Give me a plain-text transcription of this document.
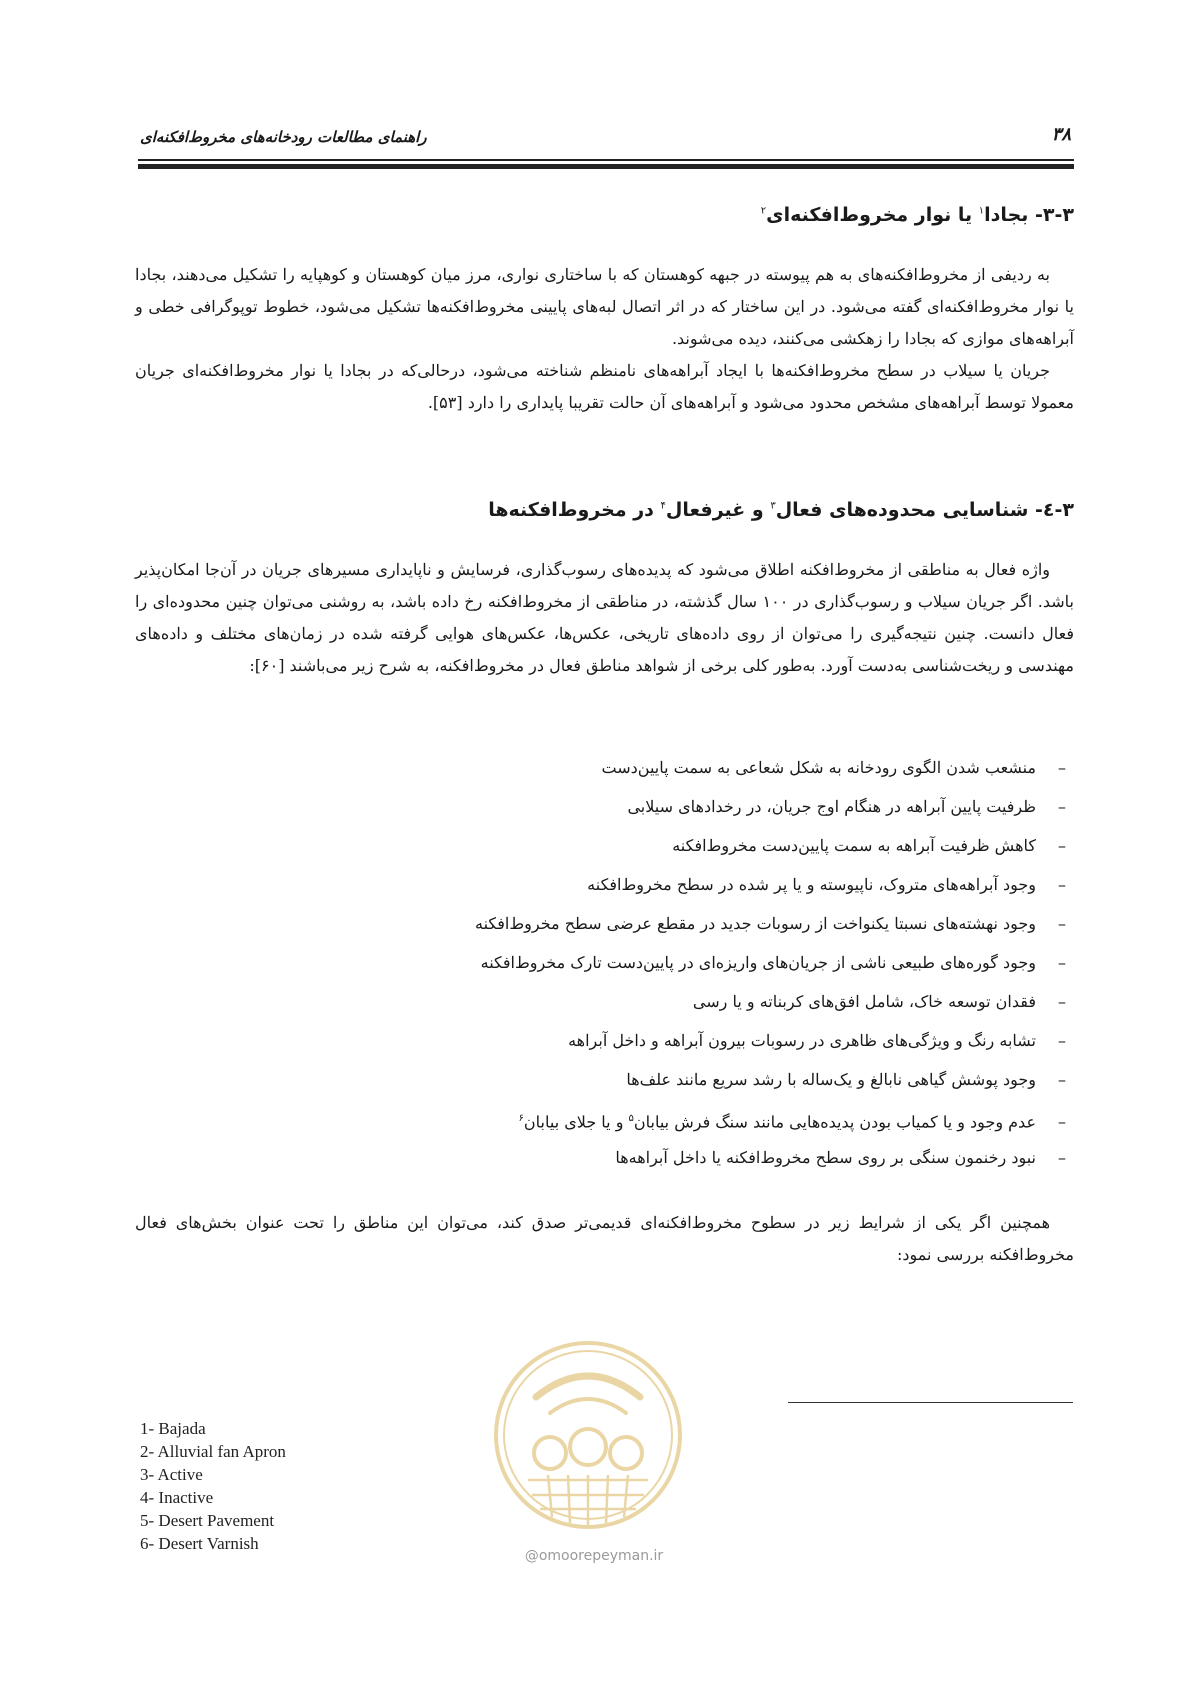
راهنمای مطالعات رودخانه‌های مخروط‌افکنه‌ای	۳۸
۳-۳- بجادا$^۱$ یا نوار مخروط‌افکنه‌ای$^۲$

به ردیفی از مخروط‌افکنه‌های به هم پیوسته در جبهه کوهستان که با ساختاری نواری، مرز میان کوهستان و کوهپایه را تشکیل می‌دهند، بجادا یا نوار مخروط‌افکنه‌ای گفته می‌شود. در این ساختار که در اثر اتصال لبه‌های پایینی مخروط‌افکنه‌ها تشکیل می‌شود، خطوط توپوگرافی خطی و آبراهه‌های موازی که بجادا را زهکشی می‌کنند، دیده می‌شوند.

جریان یا سیلاب در سطح مخروط‌افکنه‌ها با ایجاد آبراهه‌های نامنظم شناخته می‌شود، درحالی‌که در بجادا یا نوار مخروط‌افکنه‌ای جریان معمولا توسط آبراهه‌های مشخص محدود می‌شود و آبراهه‌های آن حالت تقریبا پایداری را دارد [۵۳].

۳-٤- شناسایی محدوده‌های فعال$^۳$ و غیرفعال$^۴$ در مخروط‌افکنه‌ها

واژه فعال به مناطقی از مخروط‌افکنه اطلاق می‌شود که پدیده‌های رسوب‌گذاری، فرسایش و ناپایداری مسیرهای جریان در آن‌جا امکان‌پذیر باشد. اگر جریان سیلاب و رسوب‌گذاری در ۱۰۰ سال گذشته، در مناطقی از مخروط‌افکنه رخ داده باشد، به روشنی می‌توان چنین محدوده‌ای را فعال دانست. چنین نتیجه‌گیری را می‌توان از روی داده‌های تاریخی، عکس‌ها، عکس‌های هوایی گرفته شده در زمان‌های مختلف و داده‌های مهندسی و ریخت‌شناسی به‌دست آورد. به‌طور کلی برخی از شواهد مناطق فعال در مخروط‌افکنه، به شرح زیر می‌باشند [۶۰]:

–منشعب شدن الگوی رودخانه به شکل شعاعی به سمت پایین‌دست
–ظرفیت پایین آبراهه در هنگام اوج جریان، در رخدادهای سیلابی
–کاهش ظرفیت آبراهه به سمت پایین‌دست مخروط‌افکنه
–وجود آبراهه‌های متروک، ناپیوسته و یا پر شده در سطح مخروط‌افکنه
–وجود نهشته‌های نسبتا یکنواخت از رسوبات جدید در مقطع عرضی سطح مخروط‌افکنه
–وجود گوره‌های طبیعی ناشی از جریان‌های واریزه‌ای در پایین‌دست تارک مخروط‌افکنه
–فقدان توسعه خاک، شامل افق‌های کربناته و یا رسی
–تشابه رنگ و ویژگی‌های ظاهری در رسوبات بیرون آبراهه و داخل آبراهه
–وجود پوشش گیاهی نابالغ و یک‌ساله با رشد سریع مانند علف‌ها
–عدم وجود و یا کمیاب بودن پدیده‌هایی مانند سنگ فرش بیابان$^۵$ و یا جلای بیابان$^۶$
–نبود رخنمون سنگی بر روی سطح مخروط‌افکنه یا داخل آبراهه‌ها

همچنین اگر یکی از شرایط زیر در سطوح مخروط‌افکنه‌ای قدیمی‌تر صدق کند، می‌توان این مناطق را تحت عنوان بخش‌های فعال مخروط‌افکنه بررسی نمود:

1- Bajada
2- Alluvial fan Apron
3- Active
4- Inactive
5- Desert Pavement
6- Desert Varnish
@omoorepeyman.ir
